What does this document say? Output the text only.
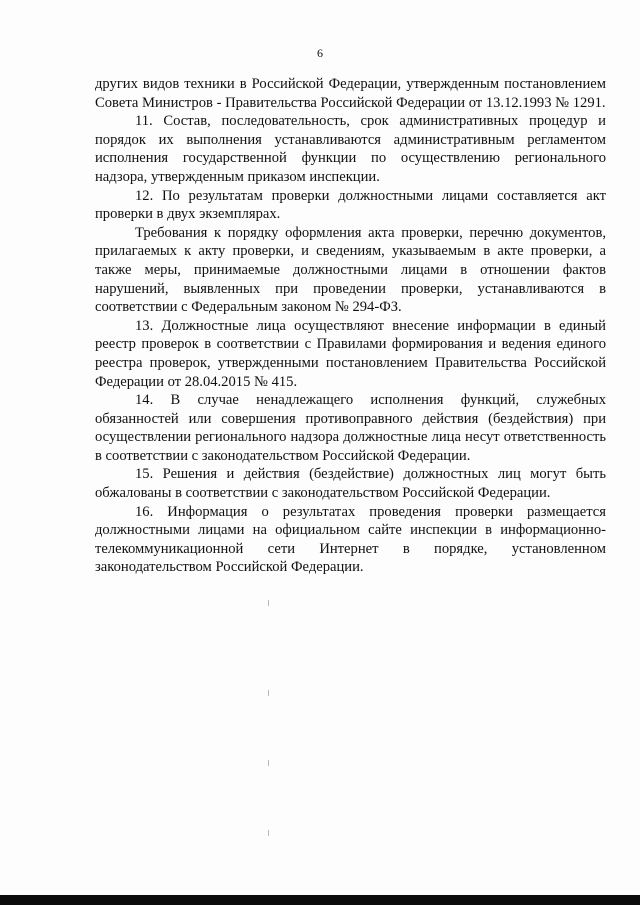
6

других видов техники в Российской Федерации, утвержденным постановлением Совета Министров - Правительства Российской Федерации от 13.12.1993 № 1291.

11. Состав, последовательность, срок административных процедур и порядок их выполнения устанавливаются административным регламентом исполнения государственной функции по осуществлению регионального надзора, утвержденным приказом инспекции.

12. По результатам проверки должностными лицами составляется акт проверки в двух экземплярах.

Требования к порядку оформления акта проверки, перечню документов, прилагаемых к акту проверки, и сведениям, указываемым в акте проверки, а также меры, принимаемые должностными лицами в отношении фактов нарушений, выявленных при проведении проверки, устанавливаются в соответствии с Федеральным законом № 294-ФЗ.

13. Должностные лица осуществляют внесение информации в единый реестр проверок в соответствии с Правилами формирования и ведения единого реестра проверок, утвержденными постановлением Правительства Российской Федерации от 28.04.2015 № 415.

14. В случае ненадлежащего исполнения функций, служебных обязанностей или совершения противоправного действия (бездействия) при осуществлении регионального надзора должностные лица несут ответственность в соответствии с законодательством Российской Федерации.

15. Решения и действия (бездействие) должностных лиц могут быть обжалованы в соответствии с законодательством Российской Федерации.

16. Информация о результатах проведения проверки размещается должностными лицами на официальном сайте инспекции в информационно-телекоммуникационной сети Интернет в порядке, установленном законодательством Российской Федерации.
